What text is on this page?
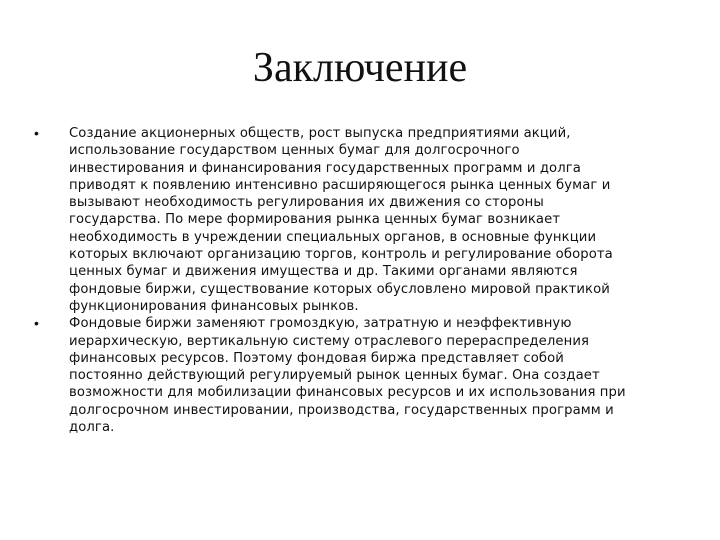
Заключение
• Создание акционерных обществ, рост выпуска предприятиями акций,
использование государством ценных бумаг для долгосрочного
инвестирования и финансирования государственных программ и долга
приводят к появлению интенсивно расширяющегося рынка ценных бумаг и
вызывают необходимость регулирования их движения со стороны
государства. По мере формирования рынка ценных бумаг возникает
необходимость в учреждении специальных органов, в основные функции
которых включают организацию торгов, контроль и регулирование оборота
ценных бумаг и движения имущества и др. Такими органами являются
фондовые биржи, существование которых обусловлено мировой практикой
функционирования финансовых рынков.
• Фондовые биржи заменяют громоздкую, затратную и неэффективную
иерархическую, вертикальную систему отраслевого перераспределения
финансовых ресурсов. Поэтому фондовая биржа представляет собой
постоянно действующий регулируемый рынок ценных бумаг. Она создает
возможности для мобилизации финансовых ресурсов и их использования при
долгосрочном инвестировании, производства, государственных программ и
долга.
